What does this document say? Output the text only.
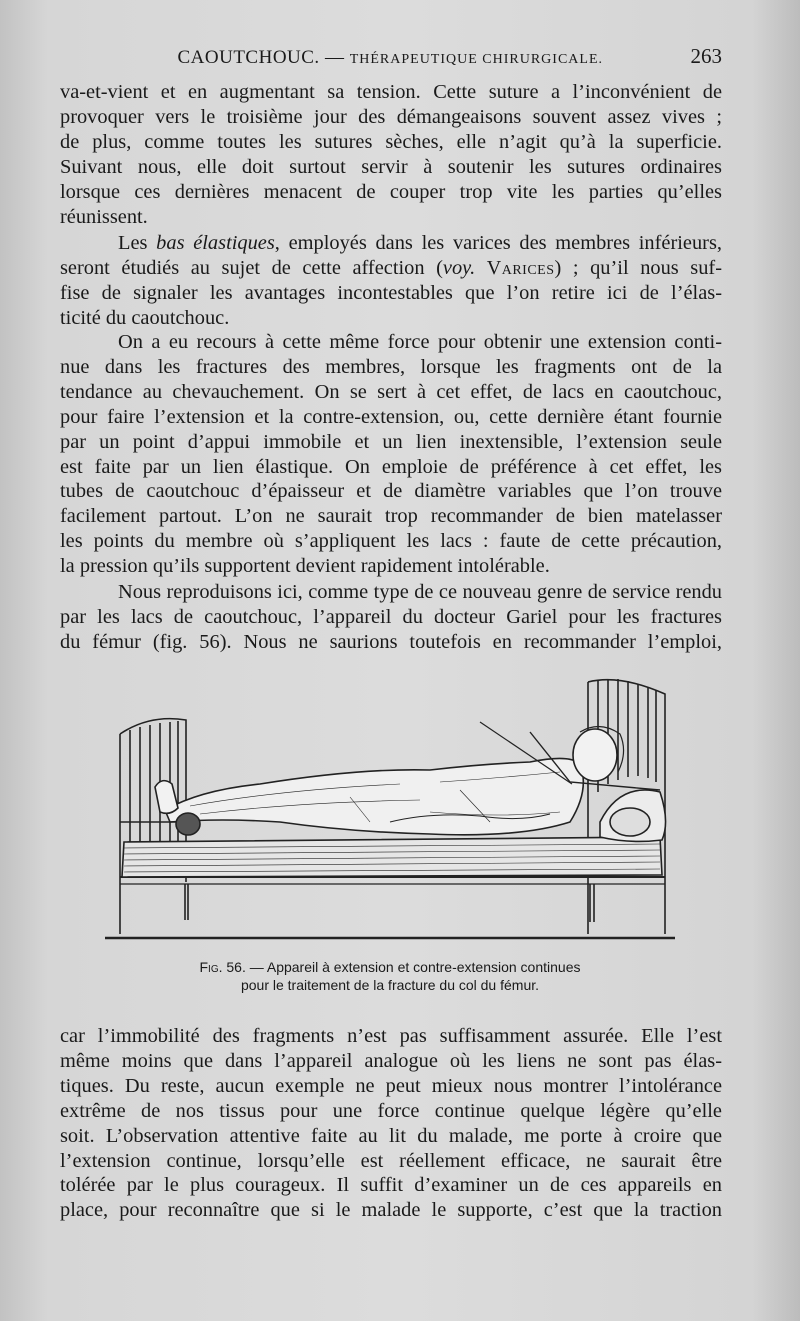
CAOUTCHOUC. — THÉRAPEUTIQUE CHIRURGICALE.	263
va-et-vient et en augmentant sa tension. Cette suture a l’inconvénient de
provoquer vers le troisième jour des démangeaisons souvent assez vives ;
de plus, comme toutes les sutures sèches, elle n’agit qu’à la superficie.
Suivant nous, elle doit surtout servir à soutenir les sutures ordinaires
lorsque ces dernières menacent de couper trop vite les parties qu’elles
réunissent.
Les bas élastiques, employés dans les varices des membres inférieurs,
seront étudiés au sujet de cette affection (voy. Varices) ; qu’il nous suf-
fise de signaler les avantages incontestables que l’on retire ici de l’élas-
ticité du caoutchouc.
On a eu recours à cette même force pour obtenir une extension conti-
nue dans les fractures des membres, lorsque les fragments ont de la
tendance au chevauchement. On se sert à cet effet, de lacs en caoutchouc,
pour faire l’extension et la contre-extension, ou, cette dernière étant fournie
par un point d’appui immobile et un lien inextensible, l’extension seule
est faite par un lien élastique. On emploie de préférence à cet effet, les
tubes de caoutchouc d’épaisseur et de diamètre variables que l’on trouve
facilement partout. L’on ne saurait trop recommander de bien matelasser
les points du membre où s’appliquent les lacs : faute de cette précaution,
la pression qu’ils supportent devient rapidement intolérable.
Nous reproduisons ici, comme type de ce nouveau genre de service rendu
par les lacs de caoutchouc, l’appareil du docteur Gariel pour les fractures
du fémur (fig. 56). Nous ne saurions toutefois en recommander l’emploi,
Fig. 56. — Appareil à extension et contre-extension continues
pour le traitement de la fracture du col du fémur.
car l’immobilité des fragments n’est pas suffisamment assurée. Elle l’est
même moins que dans l’appareil analogue où les liens ne sont pas élas-
tiques. Du reste, aucun exemple ne peut mieux nous montrer l’intolérance
extrême de nos tissus pour une force continue quelque légère qu’elle
soit. L’observation attentive faite au lit du malade, me porte à croire que
l’extension continue, lorsqu’elle est réellement efficace, ne saurait être
tolérée par le plus courageux. Il suffit d’examiner un de ces appareils en
place, pour reconnaître que si le malade le supporte, c’est que la traction
